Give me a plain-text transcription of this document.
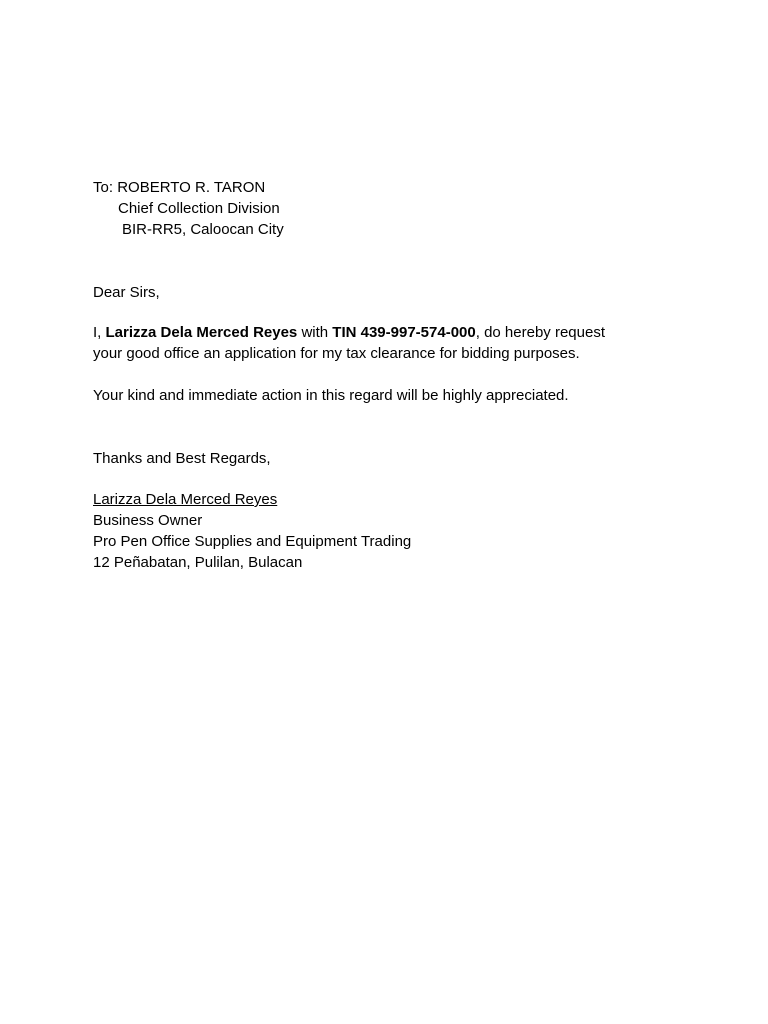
To: ROBERTO R. TARON
Chief Collection Division
BIR-RR5, Caloocan City
Dear Sirs,
I, Larizza Dela Merced Reyes with TIN 439-997-574-000, do hereby request
your good office an application for my tax clearance for bidding purposes.
Your kind and immediate action in this regard will be highly appreciated.
Thanks and Best Regards,
Larizza Dela Merced Reyes
Business Owner
Pro Pen Office Supplies and Equipment Trading
12 Peñabatan, Pulilan, Bulacan
